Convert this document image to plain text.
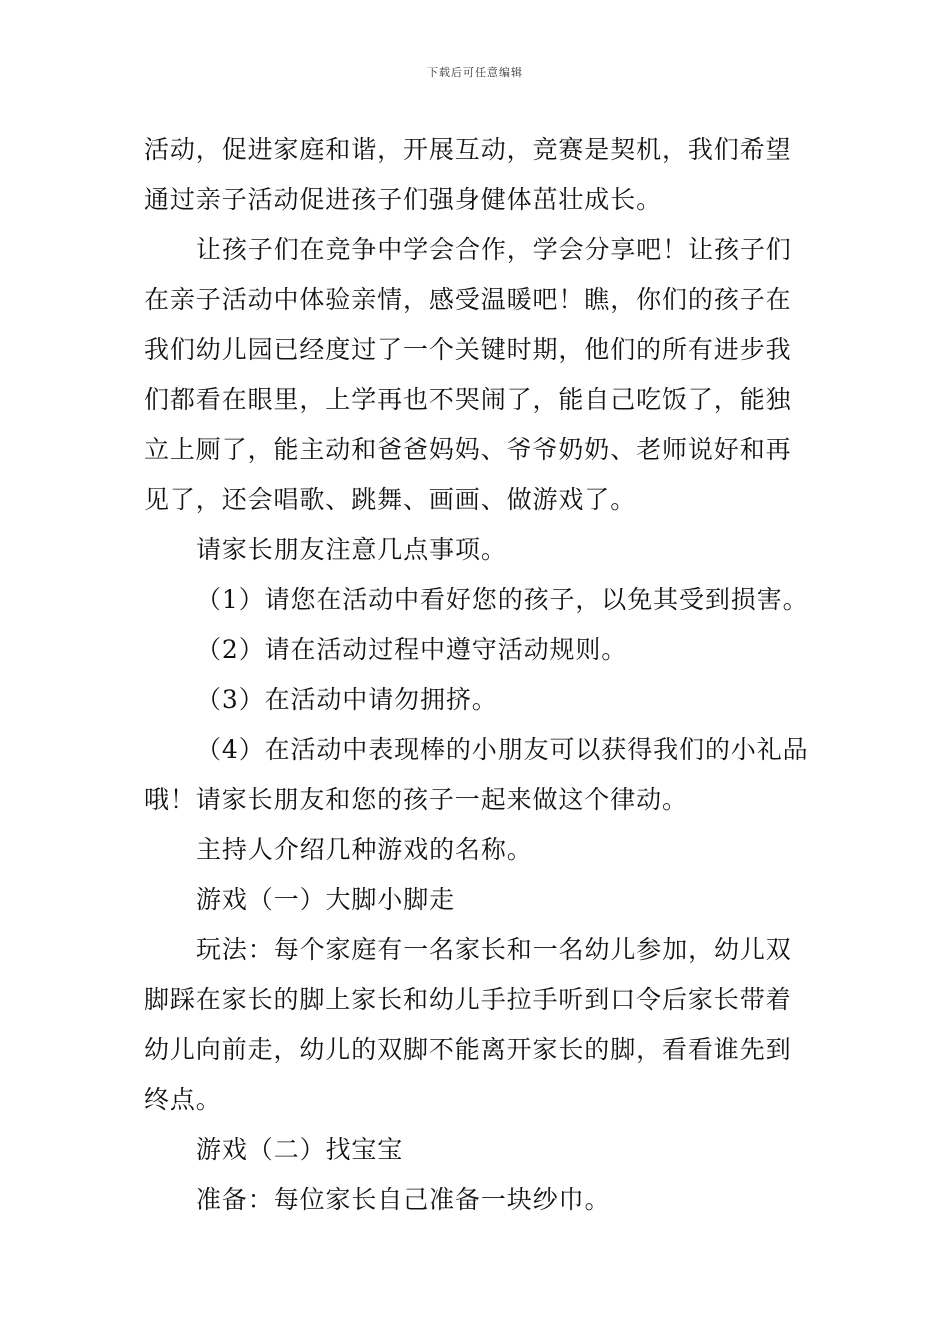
下载后可任意编辑
活动，促进家庭和谐，开展互动，竞赛是契机，我们希望
通过亲子活动促进孩子们强身健体茁壮成长。
让孩子们在竞争中学会合作，学会分享吧！让孩子们
在亲子活动中体验亲情，感受温暖吧！瞧，你们的孩子在
我们幼儿园已经度过了一个关键时期，他们的所有进步我
们都看在眼里，上学再也不哭闹了，能自己吃饭了，能独
立上厕了，能主动和爸爸妈妈、爷爷奶奶、老师说好和再
见了，还会唱歌、跳舞、画画、做游戏了。
请家长朋友注意几点事项。
（1）请您在活动中看好您的孩子，以免其受到损害。
（2）请在活动过程中遵守活动规则。
（3）在活动中请勿拥挤。
（4）在活动中表现棒的小朋友可以获得我们的小礼品
哦！请家长朋友和您的孩子一起来做这个律动。
主持人介绍几种游戏的名称。
游戏（一）大脚小脚走
玩法：每个家庭有一名家长和一名幼儿参加，幼儿双
脚踩在家长的脚上家长和幼儿手拉手听到口令后家长带着
幼儿向前走，幼儿的双脚不能离开家长的脚，看看谁先到
终点。
游戏（二）找宝宝
准备：每位家长自己准备一块纱巾。
